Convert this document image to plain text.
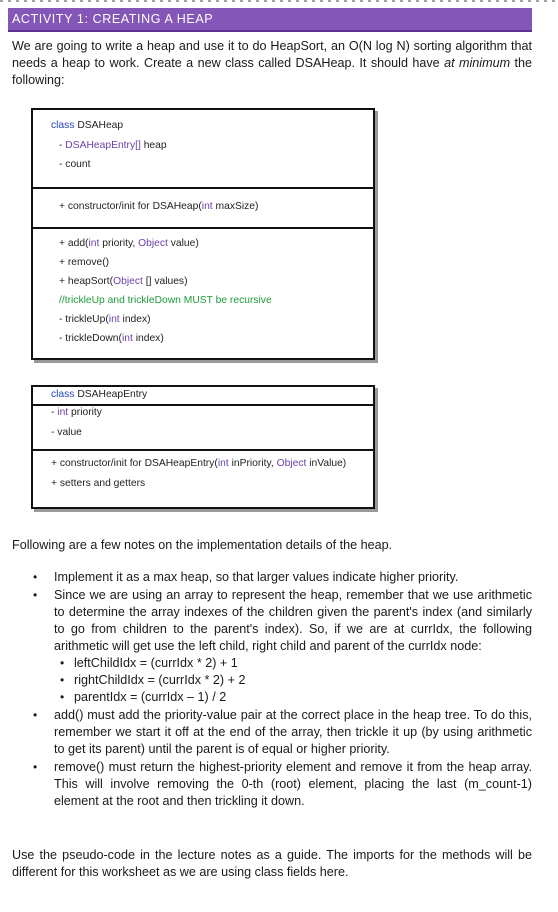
ACTIVITY 1: CREATING A HEAP

We are going to write a heap and use it to do HeapSort, an O(N log N) sorting algorithm that needs a heap to work. Create a new class called DSAHeap. It should have at minimum the following:

class DSAHeap
- DSAHeapEntry[] heap
- count
+ constructor/init for DSAHeap(int maxSize)
+ add(int priority, Object value)
+ remove()
+ heapSort(Object [] values)
//trickleUp and trickleDown MUST be recursive
- trickleUp(int index)
- trickleDown(int index)
class DSAHeapEntry
- int priority
- value
+ constructor/init for DSAHeapEntry(int inPriority, Object inValue)
+ setters and getters

Following are a few notes on the implementation details of the heap.

• Implement it as a max heap, so that larger values indicate higher priority.
• Since we are using an array to represent the heap, remember that we use arithmetic to determine the array indexes of the children given the parent's index (and similarly to go from children to the parent's index). So, if we are at currIdx, the following arithmetic will get use the left child, right child and parent of the currIdx node:
• leftChildIdx = (currIdx * 2) + 1
• rightChildIdx = (currIdx * 2) + 2
• parentIdx = (currIdx – 1) / 2
• add() must add the priority-value pair at the correct place in the heap tree. To do this, remember we start it off at the end of the array, then trickle it up (by using arithmetic to get its parent) until the parent is of equal or higher priority.
• remove() must return the highest-priority element and remove it from the heap array. This will involve removing the 0-th (root) element, placing the last (m_count-1) element at the root and then trickling it down.

Use the pseudo-code in the lecture notes as a guide. The imports for the methods will be different for this worksheet as we are using class fields here.
